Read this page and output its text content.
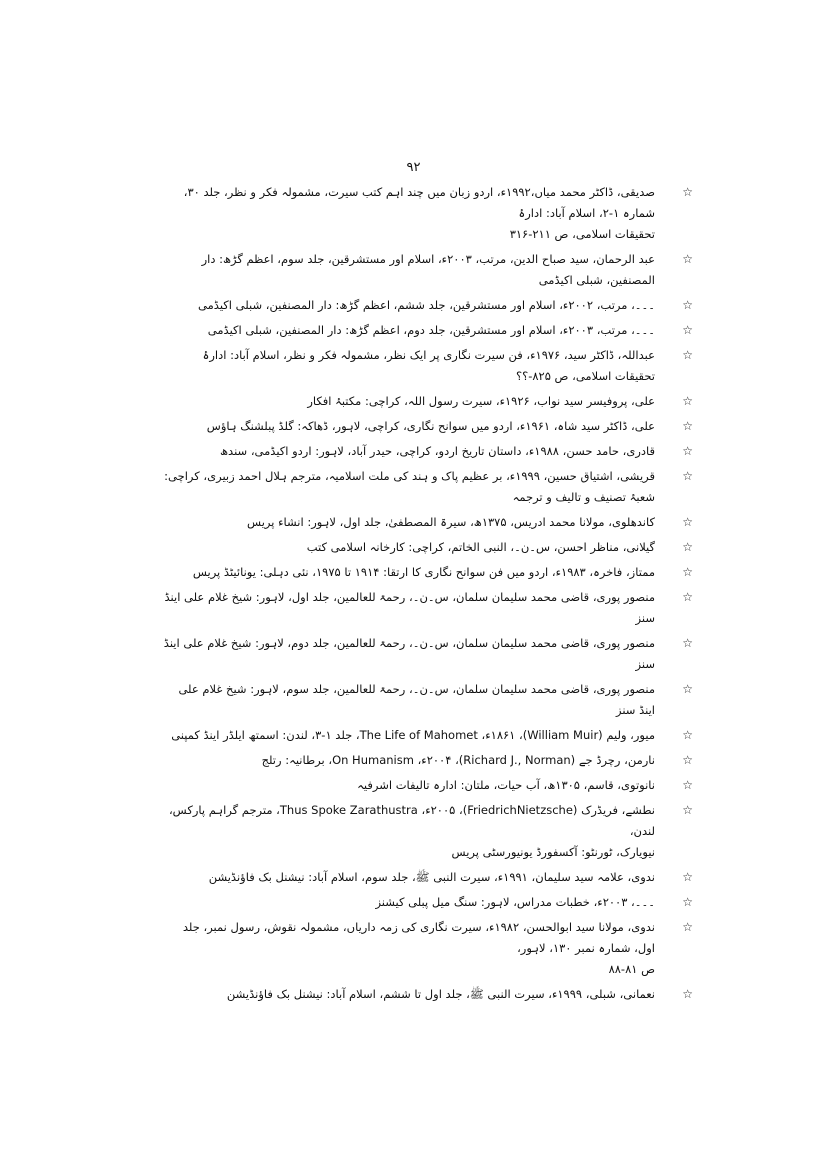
۹۲
☆
صدیقی، ڈاکٹر محمد میاں،۱۹۹۲ء، اردو زبان میں چند اہم کتب سیرت، مشمولہ فکر و نظر، جلد ۳۰، شمارہ ۱-۲، اسلام آباد: ادارۂ
تحقیقات اسلامی، ص ۲۱۱-۳۱۶
☆
عبد الرحمان، سید صباح الدین، مرتب، ۲۰۰۳ء، اسلام اور مستشرقین، جلد سوم، اعظم گڑھ: دار المصنفین، شبلی اکیڈمی
☆
۔۔۔، مرتب، ۲۰۰۲ء، اسلام اور مستشرقین، جلد ششم، اعظم گڑھ: دار المصنفین، شبلی اکیڈمی
☆
۔۔۔، مرتب، ۲۰۰۳ء، اسلام اور مستشرقین، جلد دوم، اعظم گڑھ: دار المصنفین، شبلی اکیڈمی
☆
عبداللہ، ڈاکٹر سید، ۱۹۷۶ء، فن سیرت نگاری پر ایک نظر، مشمولہ فکر و نظر، اسلام آباد: ادارۂ تحقیقات اسلامی، ص ۸۲۵-؟؟
☆
علی، پروفیسر سید نواب، ۱۹۲۶ء، سیرت رسول اللہ، کراچی: مکتبۂ افکار
☆
علی، ڈاکٹر سید شاہ، ۱۹۶۱ء، اردو میں سوانح نگاری، کراچی، لاہور، ڈھاکہ: گلڈ پبلشنگ ہاؤس
☆
قادری، حامد حسن، ۱۹۸۸ء، داستان تاریخ اردو، کراچی، حیدر آباد، لاہور: اردو اکیڈمی، سندھ
☆
قریشی، اشتیاق حسین، ۱۹۹۹ء، بر عظیم پاک و ہند کی ملت اسلامیہ، مترجم ہلال احمد زبیری، کراچی: شعبۂ تصنیف و تالیف و ترجمہ
☆
کاندھلوی، مولانا محمد ادریس، ۱۳۷۵ھ، سیرۃ المصطفیٰ، جلد اول، لاہور: انشاء پریس
☆
گیلانی، مناظر احسن، س۔ن۔، النبی الخاتم، کراچی: کارخانہ اسلامی کتب
☆
ممتاز، فاخرہ، ۱۹۸۳ء، اردو میں فن سوانح نگاری کا ارتقا: ۱۹۱۴ تا ۱۹۷۵، نئی دہلی: یونائیٹڈ پریس
☆
منصور پوری، قاضی محمد سلیمان سلمان، س۔ن۔، رحمۃ للعالمین، جلد اول، لاہور: شیخ غلام علی اینڈ سنز
☆
منصور پوری، قاضی محمد سلیمان سلمان، س۔ن۔، رحمۃ للعالمین، جلد دوم، لاہور: شیخ غلام علی اینڈ سنز
☆
منصور پوری، قاضی محمد سلیمان سلمان، س۔ن۔، رحمۃ للعالمین، جلد سوم، لاہور: شیخ غلام علی اینڈ سنز
☆
میور، ولیم (William Muir)، ۱۸۶۱ء، The Life of Mahomet، جلد ۱-۳، لندن: اسمتھ ایلڈر اینڈ کمپنی
☆
نارمن، رچرڈ جے (Richard J., Norman)، ۲۰۰۴ء، On Humanism، برطانیہ: رتلج
☆
نانوتوی، قاسم، ۱۳۰۵ھ، آب حیات، ملتان: ادارہ تالیفات اشرفیہ
☆
نطشے، فریڈرک (FriedrichNietzsche)، ۲۰۰۵ء، Thus Spoke Zarathustra، مترجم گراہم پارکس، لندن،
نیویارک، ٹورنٹو: آکسفورڈ یونیورسٹی پریس
☆
ندوی، علامہ سید سلیمان، ۱۹۹۱ء، سیرت النبی ﷺ، جلد سوم، اسلام آباد: نیشنل بک فاؤنڈیشن
☆
۔۔۔، ۲۰۰۳ء، خطبات مدراس، لاہور: سنگ میل پبلی کیشنز
☆
ندوی، مولانا سید ابوالحسن، ۱۹۸۲ء، سیرت نگاری کی زمہ داریاں، مشمولہ نقوش، رسول نمبر، جلد اول، شمارہ نمبر ۱۳۰، لاہور،
ص ۸۱-۸۸
☆
نعمانی، شبلی، ۱۹۹۹ء، سیرت النبی ﷺ، جلد اول تا ششم، اسلام آباد: نیشنل بک فاؤنڈیشن
